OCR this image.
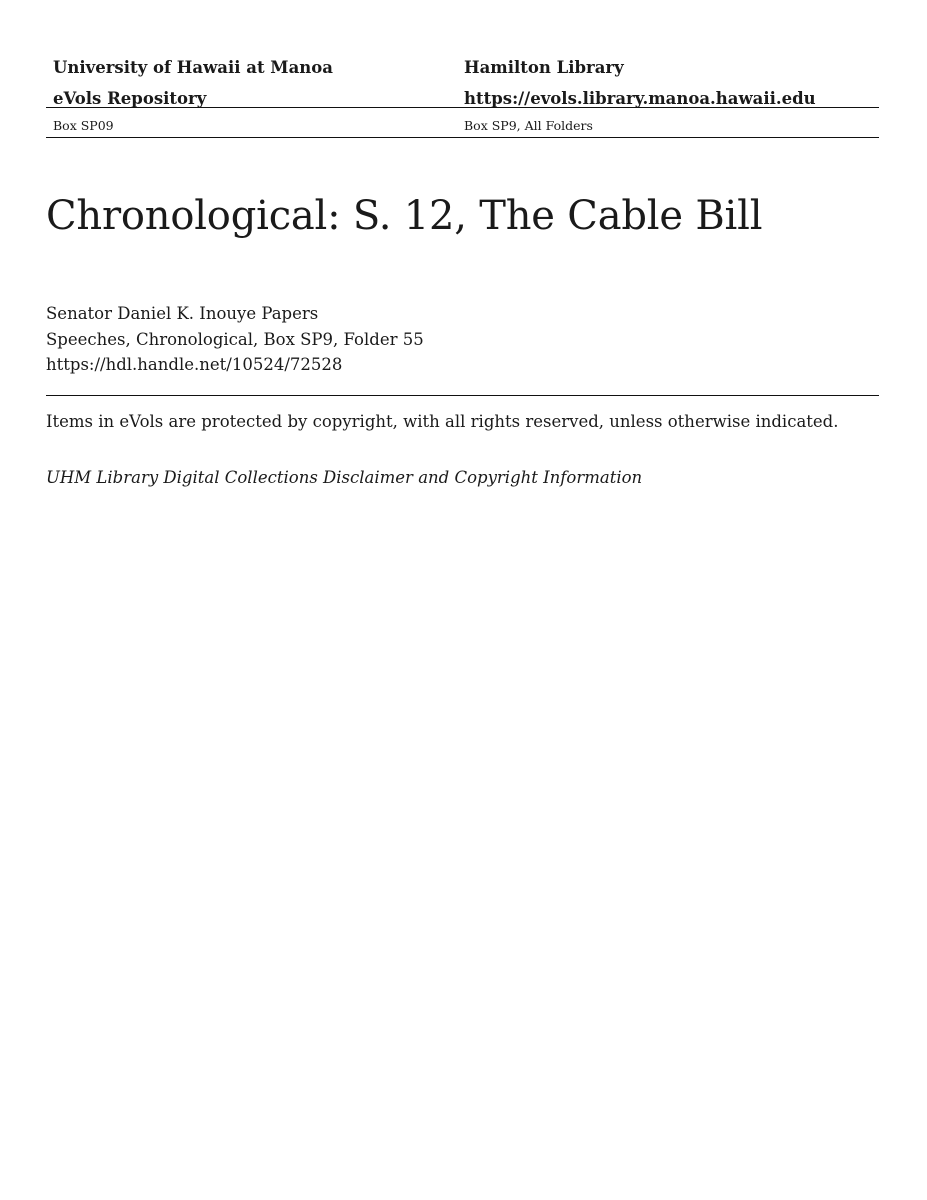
University of Hawaii at Manoa	Hamilton Library
eVols Repository	https://evols.library.manoa.hawaii.edu
Box SP09	Box SP9, All Folders
Chronological: S. 12, The Cable Bill
Senator Daniel K. Inouye Papers
Speeches, Chronological, Box SP9, Folder 55
https://hdl.handle.net/10524/72528
Items in eVols are protected by copyright, with all rights reserved, unless otherwise indicated.
UHM Library Digital Collections Disclaimer and Copyright Information
